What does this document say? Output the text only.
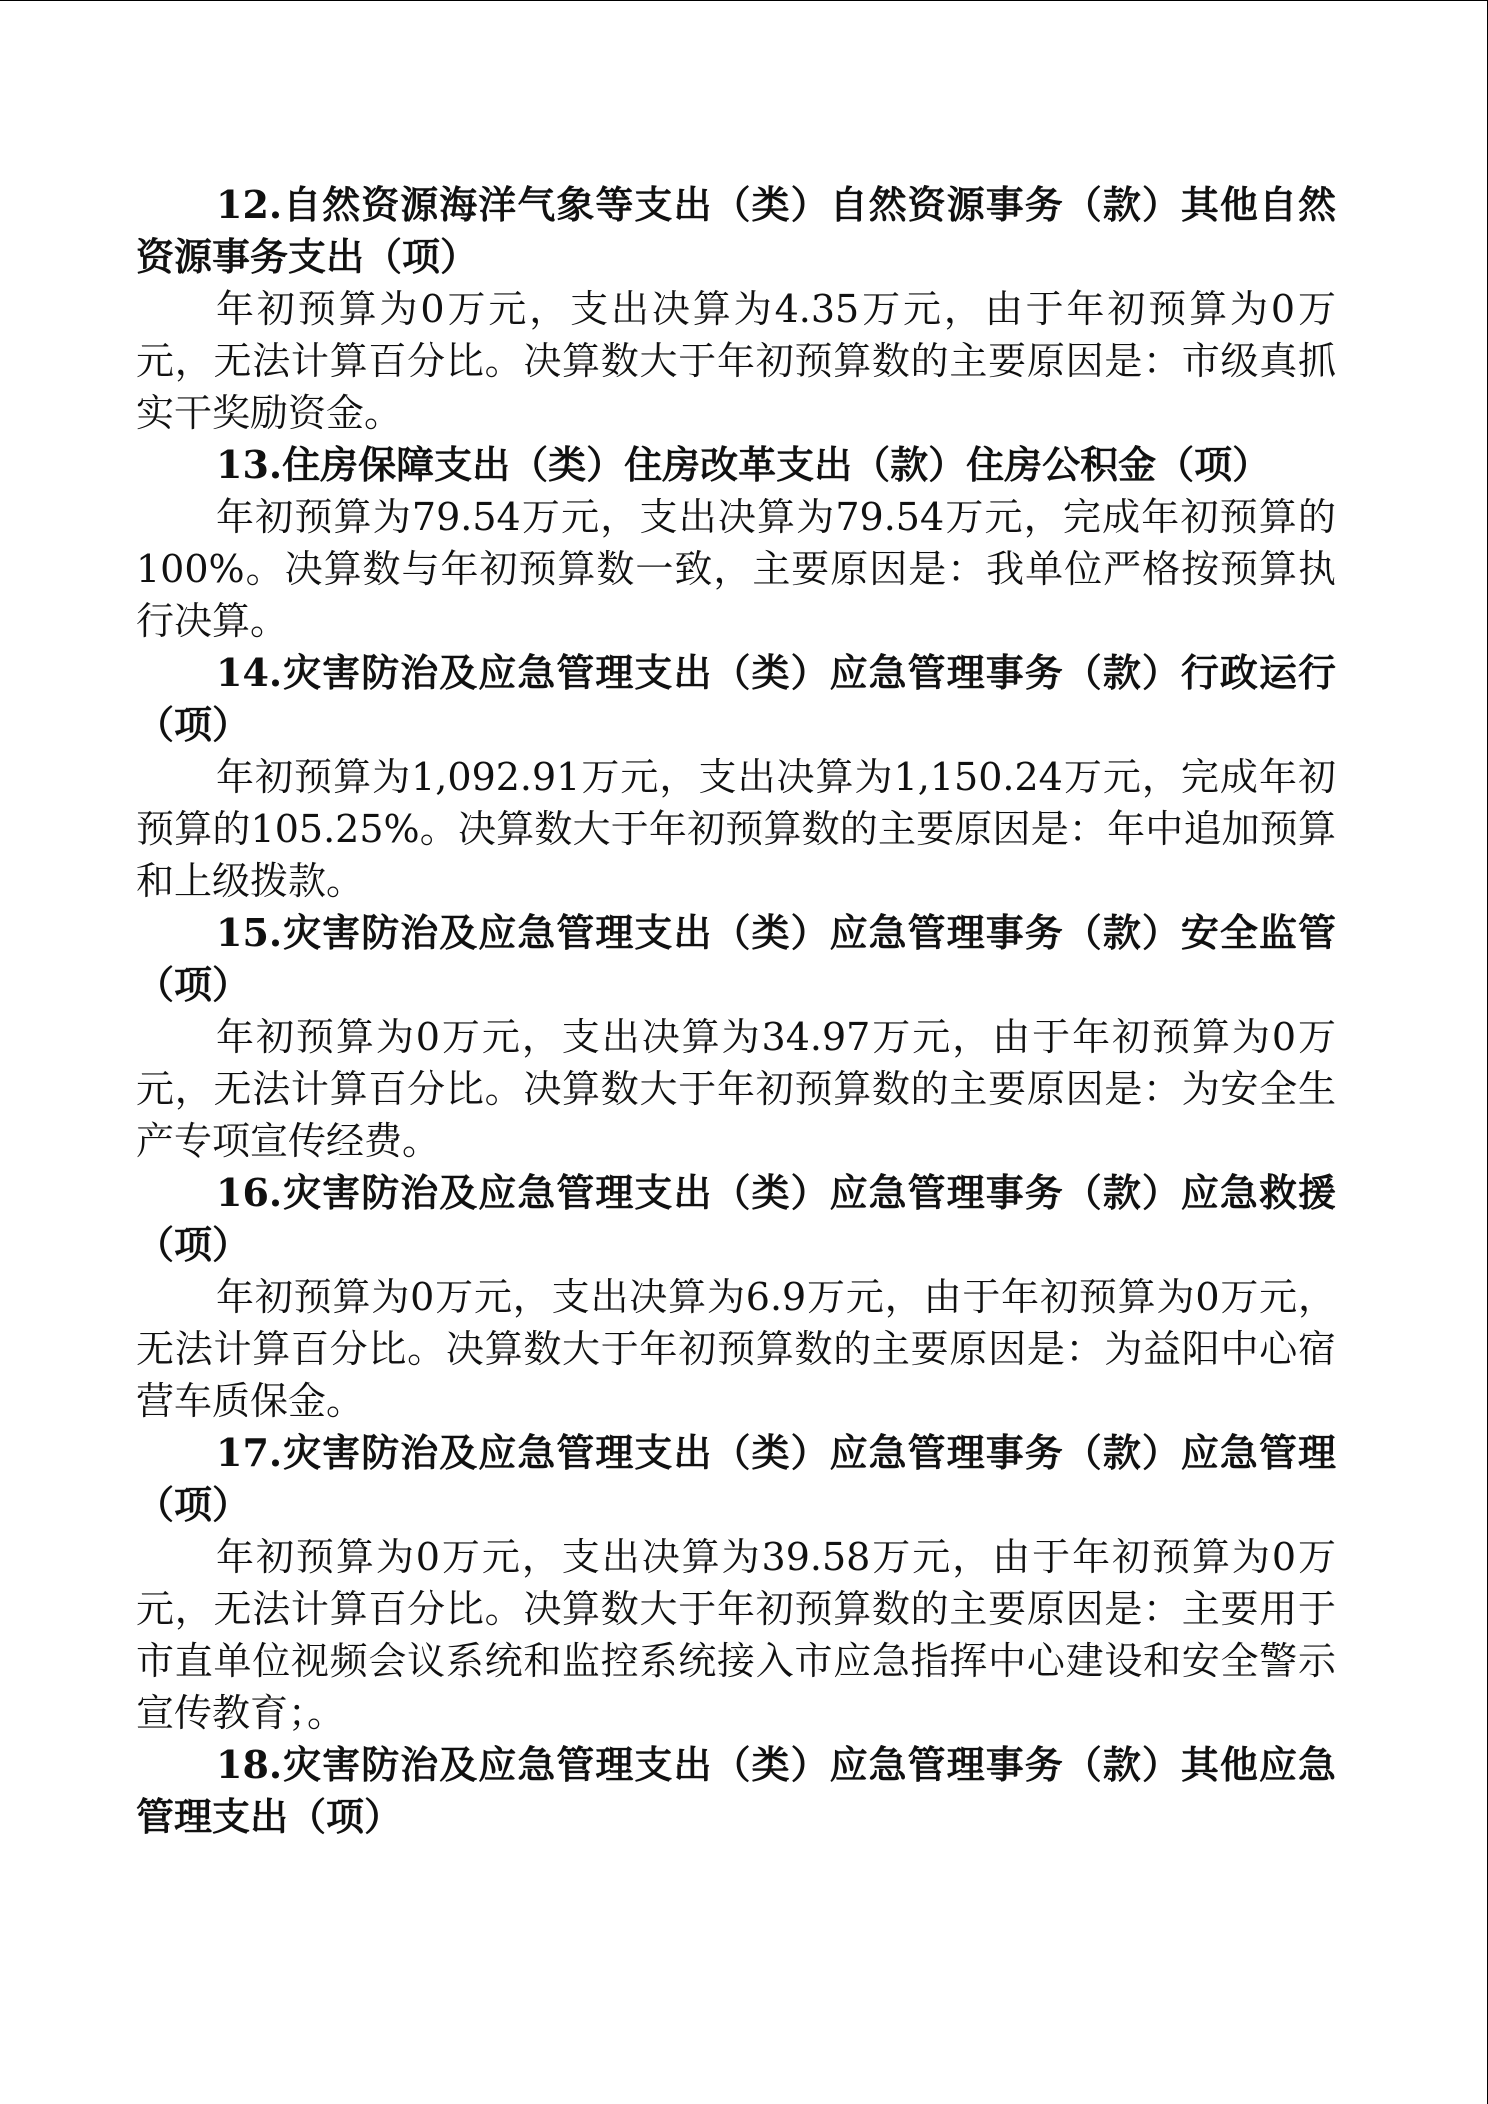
12.自然资源海洋气象等支出（类）自然资源事务（款）其他自然资源事务支出（项）

年初预算为0万元，支出决算为4.35万元，由于年初预算为0万元，无法计算百分比。决算数大于年初预算数的主要原因是：市级真抓实干奖励资金。

13.住房保障支出（类）住房改革支出（款）住房公积金（项）

年初预算为79.54万元，支出决算为79.54万元，完成年初预算的100%。决算数与年初预算数一致，主要原因是：我单位严格按预算执行决算。

14.灾害防治及应急管理支出（类）应急管理事务（款）行政运行（项）

年初预算为1,092.91万元，支出决算为1,150.24万元，完成年初预算的105.25%。决算数大于年初预算数的主要原因是：年中追加预算和上级拨款。

15.灾害防治及应急管理支出（类）应急管理事务（款）安全监管（项）

年初预算为0万元，支出决算为34.97万元，由于年初预算为0万元，无法计算百分比。决算数大于年初预算数的主要原因是：为安全生产专项宣传经费。

16.灾害防治及应急管理支出（类）应急管理事务（款）应急救援（项）

年初预算为0万元，支出决算为6.9万元，由于年初预算为0万元，无法计算百分比。决算数大于年初预算数的主要原因是：为益阳中心宿营车质保金。

17.灾害防治及应急管理支出（类）应急管理事务（款）应急管理（项）

年初预算为0万元，支出决算为39.58万元，由于年初预算为0万元，无法计算百分比。决算数大于年初预算数的主要原因是：主要用于市直单位视频会议系统和监控系统接入市应急指挥中心建设和安全警示宣传教育；。

18.灾害防治及应急管理支出（类）应急管理事务（款）其他应急管理支出（项）
